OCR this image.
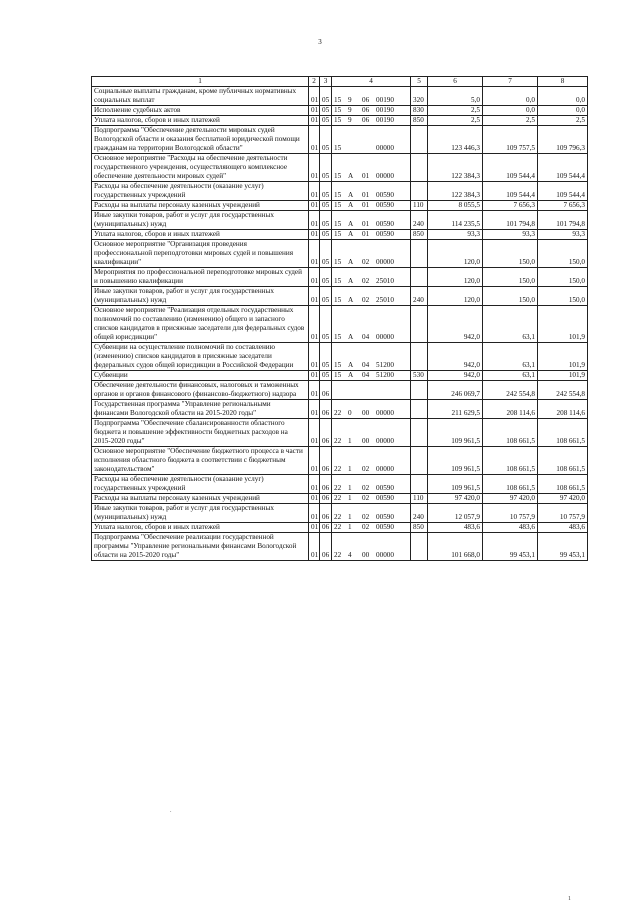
3
1	2	3	4	5	6	7	8
Социальные выплаты гражданам, кроме публичных нормативных социальных выплат	01	05	15 9 06 00190	320	5,0	0,0	0,0
Исполнение судебных актов	01	05	15 9 06 00190	830	2,5	0,0	0,0
Уплата налогов, сборов и иных платежей	01	05	15 9 06 00190	850	2,5	2,5	2,5
Подпрограмма "Обеспечение деятельности мировых судей Вологодской области и оказания бесплатной юридической помощи гражданам на территории Вологодской области"	01	05	15 00000		123 446,3	109 757,5	109 796,3
Основное мероприятие "Расходы на обеспечение деятельности государственного учреждения, осуществляющего комплексное обеспечение деятельности мировых судей"	01	05	15 A 01 00000		122 384,3	109 544,4	109 544,4
Расходы на обеспечение деятельности (оказание услуг) государственных учреждений	01	05	15 A 01 00590		122 384,3	109 544,4	109 544,4
Расходы на выплаты персоналу казенных учреждений	01	05	15 A 01 00590	110	8 055,5	7 656,3	7 656,3
Иные закупки товаров, работ и услуг для государственных (муниципальных) нужд	01	05	15 A 01 00590	240	114 235,5	101 794,8	101 794,8
Уплата налогов, сборов и иных платежей	01	05	15 A 01 00590	850	93,3	93,3	93,3
Основное мероприятие "Организация проведения профессиональной переподготовки мировых судей и повышения квалификации"	01	05	15 A 02 00000		120,0	150,0	150,0
Мероприятия по профессиональной переподготовке мировых судей и повышению квалификации	01	05	15 A 02 25010		120,0	150,0	150,0
Иные закупки товаров, работ и услуг для государственных (муниципальных) нужд	01	05	15 A 02 25010	240	120,0	150,0	150,0
Основное мероприятие "Реализация отдельных государственных полномочий по составлению (изменению) общего и запасного списков кандидатов в присяжные заседатели для федеральных судов общей юрисдикции"	01	05	15 A 04 00000		942,0	63,1	101,9
Субвенции на осуществление полномочий по составлению (изменению) списков кандидатов в присяжные заседатели федеральных судов общей юрисдикции в Российской Федерации	01	05	15 A 04 51200		942,0	63,1	101,9
Субвенции	01	05	15 A 04 51200	530	942,0	63,1	101,9
Обеспечение деятельности финансовых, налоговых и таможенных органов и органов финансового (финансово-бюджетного) надзора	01	06			246 069,7	242 554,8	242 554,8
Государственная программа "Управление региональными финансами Вологодской области на 2015-2020 годы"	01	06	22 0 00 00000		211 629,5	208 114,6	208 114,6
Подпрограмма "Обеспечение сбалансированности областного бюджета и повышение эффективности бюджетных расходов на 2015-2020 годы"	01	06	22 1 00 00000		109 961,5	108 661,5	108 661,5
Основное мероприятие "Обеспечение бюджетного процесса в части исполнения областного бюджета в соответствии с бюджетным законодательством"	01	06	22 1 02 00000		109 961,5	108 661,5	108 661,5
Расходы на обеспечение деятельности (оказание услуг) государственных учреждений	01	06	22 1 02 00590		109 961,5	108 661,5	108 661,5
Расходы на выплаты персоналу казенных учреждений	01	06	22 1 02 00590	110	97 420,0	97 420,0	97 420,0
Иные закупки товаров, работ и услуг для государственных (муниципальных) нужд	01	06	22 1 02 00590	240	12 057,9	10 757,9	10 757,9
Уплата налогов, сборов и иных платежей	01	06	22 1 02 00590	850	483,6	483,6	483,6
Подпрограмма "Обеспечение реализации государственной программы "Управление региональными финансами Вологодской области на 2015-2020 годы"	01	06	22 4 00 00000		101 668,0	99 453,1	99 453,1
.
1
